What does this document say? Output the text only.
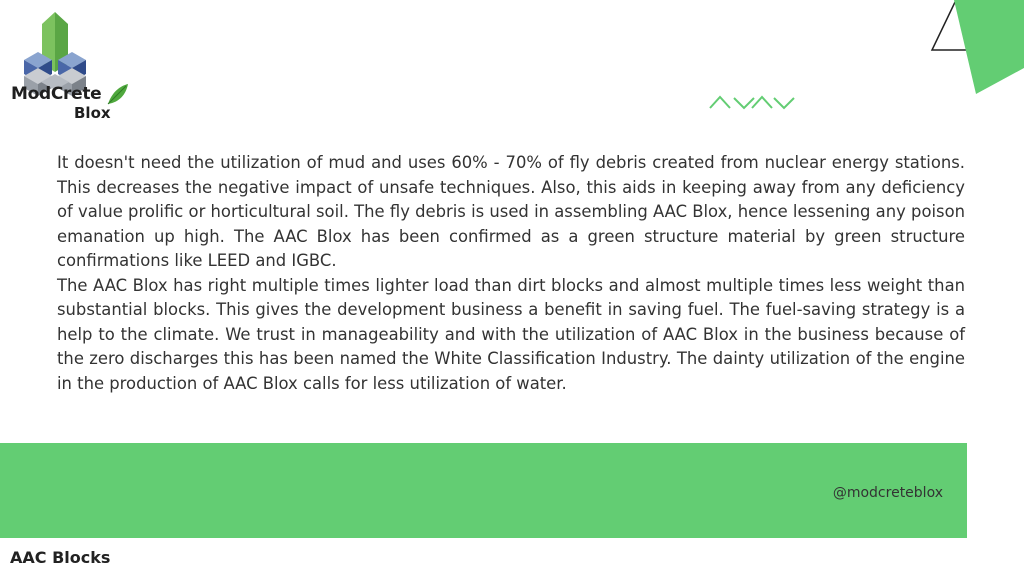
ModCrete

Blox

It doesn't need the utilization of mud and uses 60% - 70% of fly debris created from nuclear energy stations. This decreases the negative impact of unsafe techniques. Also, this aids in keeping away from any deficiency of value prolific or horticultural soil. The fly debris is used in assembling AAC Blox, hence lessening any poison emanation up high. The AAC Blox has been confirmed as a green structure material by green structure confirmations like LEED and IGBC.

The AAC Blox has right multiple times lighter load than dirt blocks and almost multiple times less weight than substantial blocks. This gives the development business a benefit in saving fuel. The fuel-saving strategy is a help to the climate. We trust in manageability and with the utilization of AAC Blox in the business because of the zero discharges this has been named the White Classification Industry. The dainty utilization of the engine in the production of AAC Blox calls for less utilization of water.

@modcreteblox

AAC Blocks
